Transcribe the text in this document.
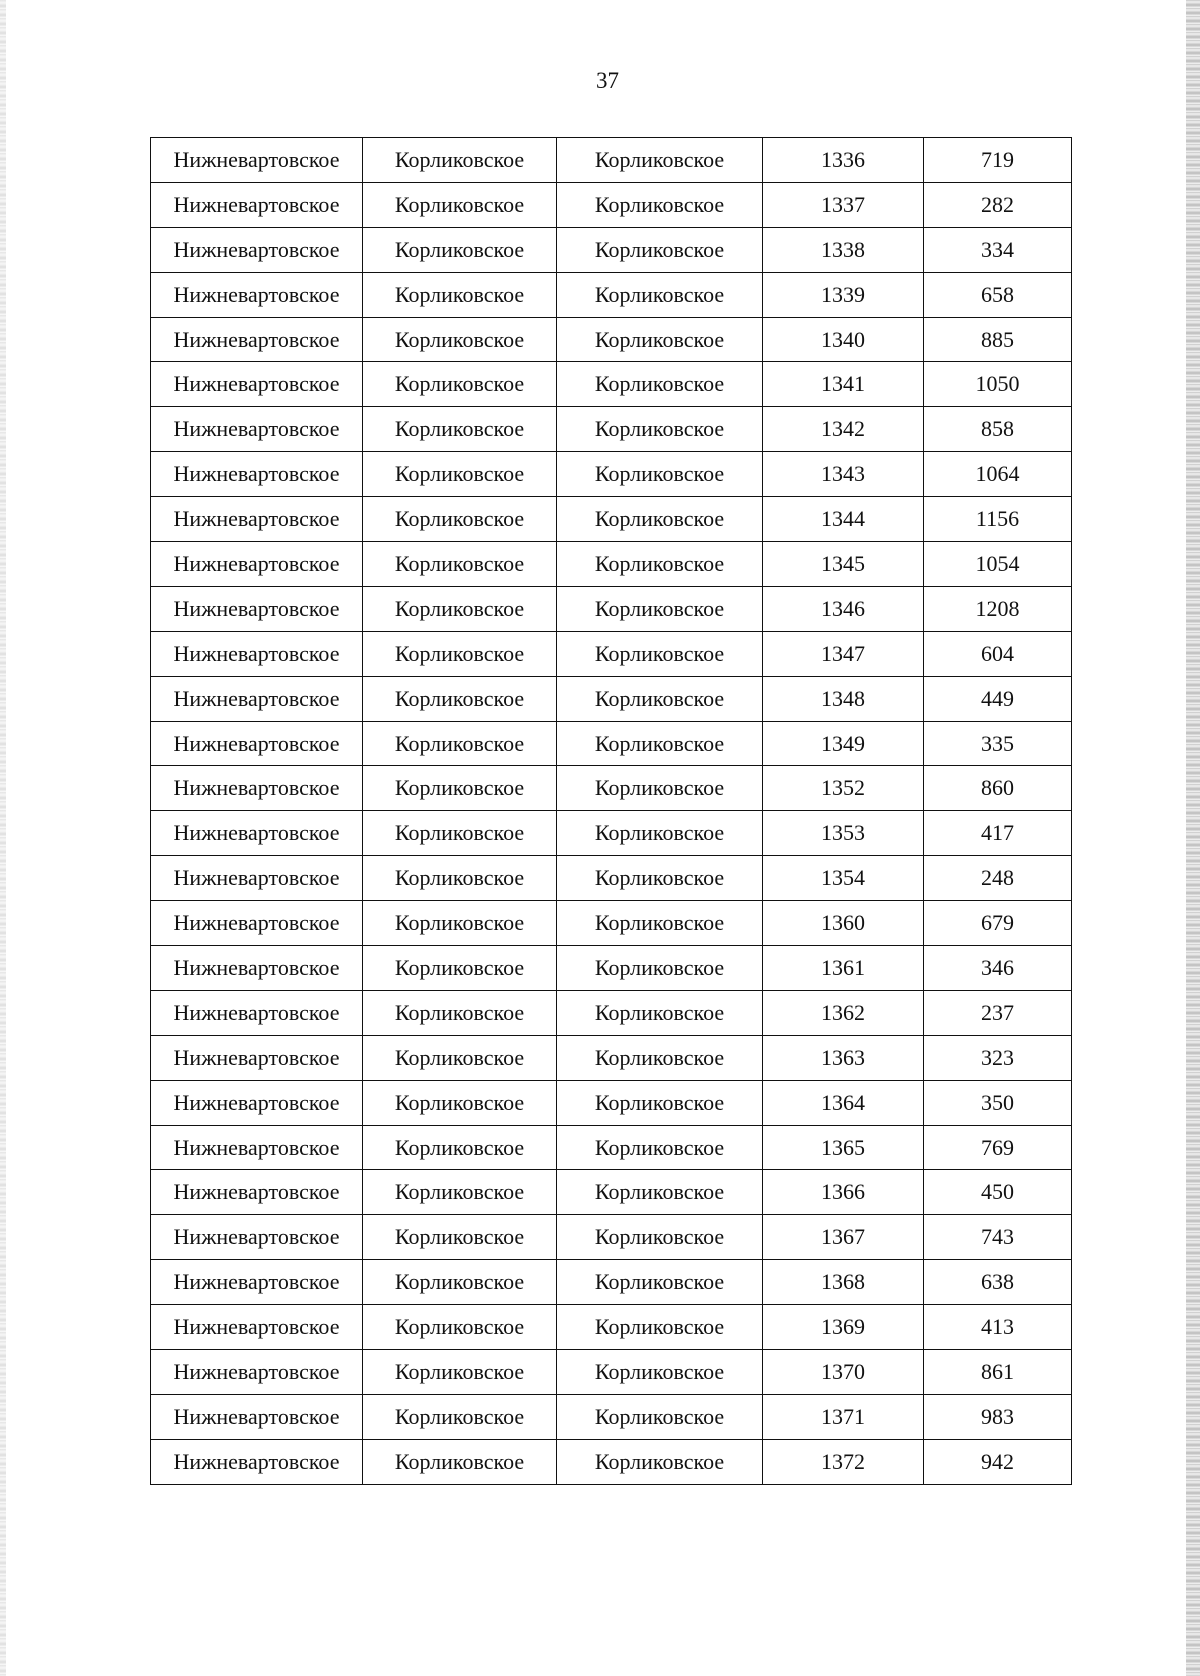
37
Нижневартовское	Корликовское	Корликовское	1336	719
Нижневартовское	Корликовское	Корликовское	1337	282
Нижневартовское	Корликовское	Корликовское	1338	334
Нижневартовское	Корликовское	Корликовское	1339	658
Нижневартовское	Корликовское	Корликовское	1340	885
Нижневартовское	Корликовское	Корликовское	1341	1050
Нижневартовское	Корликовское	Корликовское	1342	858
Нижневартовское	Корликовское	Корликовское	1343	1064
Нижневартовское	Корликовское	Корликовское	1344	1156
Нижневартовское	Корликовское	Корликовское	1345	1054
Нижневартовское	Корликовское	Корликовское	1346	1208
Нижневартовское	Корликовское	Корликовское	1347	604
Нижневартовское	Корликовское	Корликовское	1348	449
Нижневартовское	Корликовское	Корликовское	1349	335
Нижневартовское	Корликовское	Корликовское	1352	860
Нижневартовское	Корликовское	Корликовское	1353	417
Нижневартовское	Корликовское	Корликовское	1354	248
Нижневартовское	Корликовское	Корликовское	1360	679
Нижневартовское	Корликовское	Корликовское	1361	346
Нижневартовское	Корликовское	Корликовское	1362	237
Нижневартовское	Корликовское	Корликовское	1363	323
Нижневартовское	Корликовское	Корликовское	1364	350
Нижневартовское	Корликовское	Корликовское	1365	769
Нижневартовское	Корликовское	Корликовское	1366	450
Нижневартовское	Корликовское	Корликовское	1367	743
Нижневартовское	Корликовское	Корликовское	1368	638
Нижневартовское	Корликовское	Корликовское	1369	413
Нижневартовское	Корликовское	Корликовское	1370	861
Нижневартовское	Корликовское	Корликовское	1371	983
Нижневартовское	Корликовское	Корликовское	1372	942
